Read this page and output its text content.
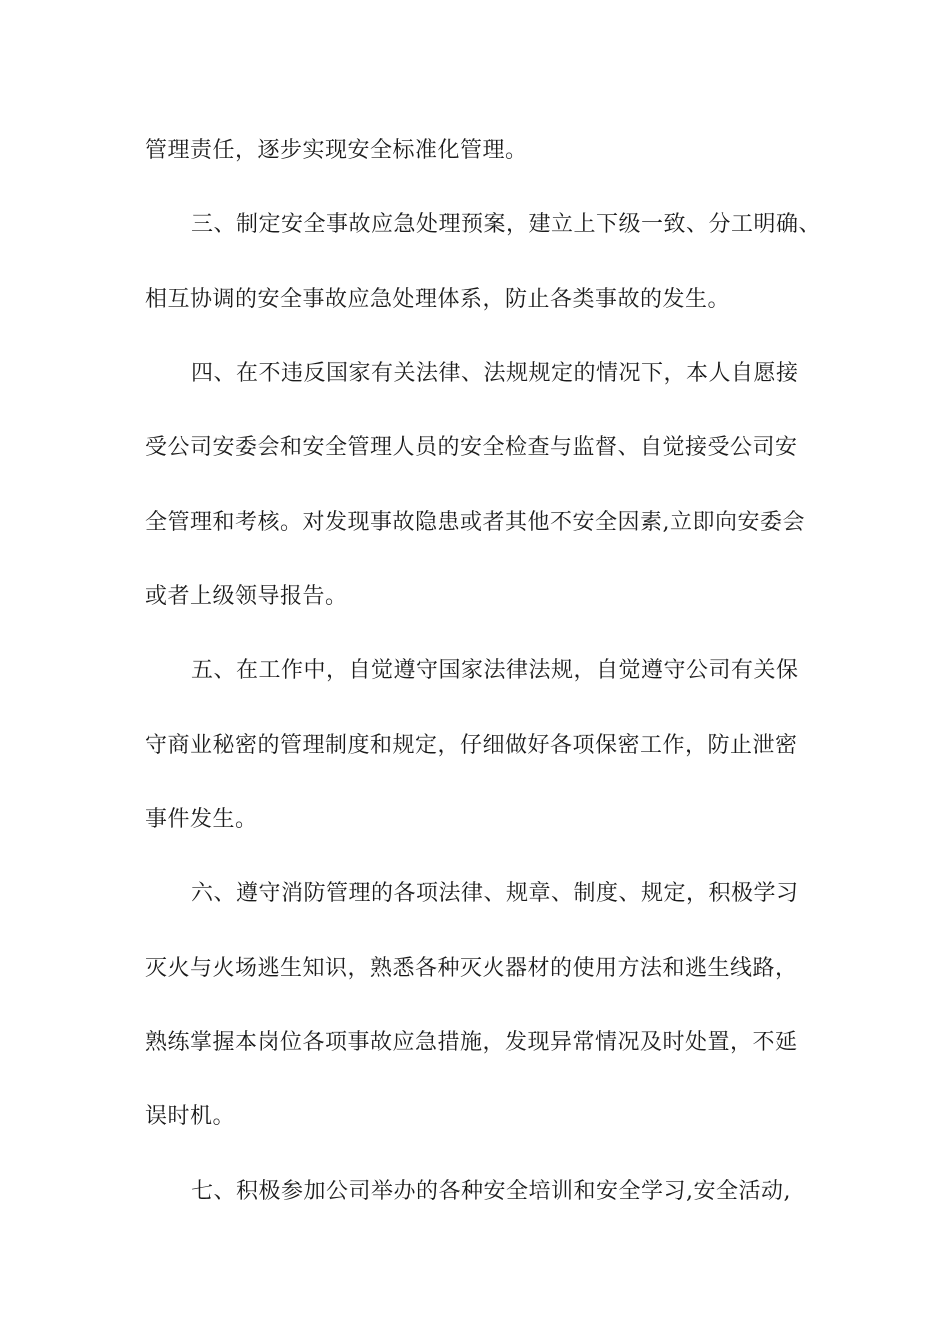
管理责任，逐步实现安全标准化管理。
三、制定安全事故应急处理预案，建立上下级一致、分工明确、
相互协调的安全事故应急处理体系，防止各类事故的发生。
四、在不违反国家有关法律、法规规定的情况下，本人自愿接
受公司安委会和安全管理人员的安全检查与监督、自觉接受公司安
全管理和考核。对发现事故隐患或者其他不安全因素,立即向安委会
或者上级领导报告。
五、在工作中，自觉遵守国家法律法规，自觉遵守公司有关保
守商业秘密的管理制度和规定，仔细做好各项保密工作，防止泄密
事件发生。
六、遵守消防管理的各项法律、规章、制度、规定，积极学习
灭火与火场逃生知识，熟悉各种灭火器材的使用方法和逃生线路，
熟练掌握本岗位各项事故应急措施，发现异常情况及时处置，不延
误时机。
七、积极参加公司举办的各种安全培训和安全学习,安全活动,
